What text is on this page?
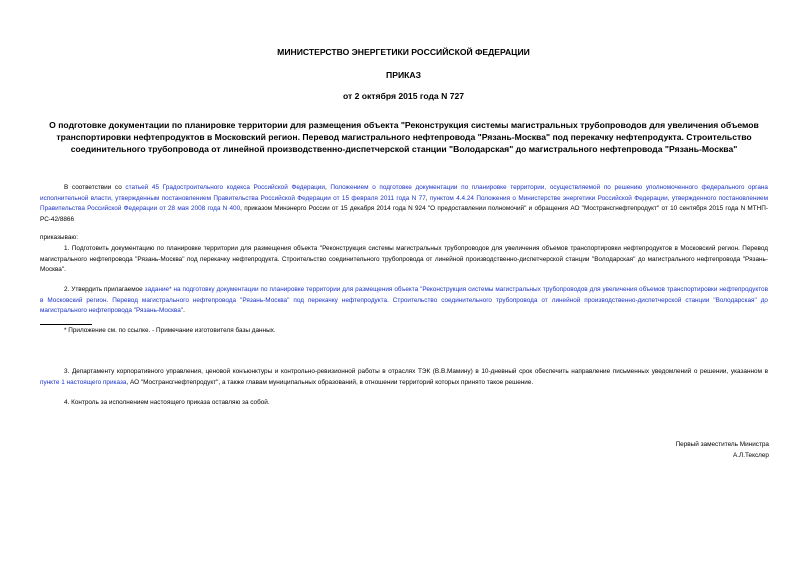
МИНИСТЕРСТВО ЭНЕРГЕТИКИ РОССИЙСКОЙ ФЕДЕРАЦИИ
ПРИКАЗ
от 2 октября 2015 года N 727
О подготовке документации по планировке территории для размещения объекта "Реконструкция системы магистральных трубопроводов для увеличения объемов транспортировки нефтепродуктов в Московский регион. Перевод магистрального нефтепровода "Рязань-Москва" под перекачку нефтепродукта. Строительство соединительного трубопровода от линейной производственно-диспетчерской станции "Володарская" до магистрального нефтепровода "Рязань-Москва"
В соответствии со статьей 45 Градостроительного кодекса Российской Федерации, Положением о подготовке документации по планировке территории, осуществляемой по решению уполномоченного федерального органа исполнительной власти, утвержденным постановлением Правительства Российской Федерации от 15 февраля 2011 года N 77, пунктом 4.4.24 Положения о Министерстве энергетики Российской Федерации, утвержденного постановлением Правительства Российской Федерации от 28 мая 2008 года N 400, приказом Минэнерго России от 15 декабря 2014 года N 924 "О предоставлении полномочий" и обращения АО "Мострансгнефтепродукт" от 10 сентября 2015 года N МТНП-РС-42/8866
приказываю:
1. Подготовить документацию по планировке территории для размещения объекта "Реконструкция системы магистральных трубопроводов для увеличения объемов транспортировки нефтепродуктов в Московский регион. Перевод магистрального нефтепровода "Рязань-Москва" под перекачку нефтепродукта. Строительство соединительного трубопровода от линейной производственно-диспетчерской станции "Володарская" до магистрального нефтепровода "Рязань-Москва".
2. Утвердить прилагаемое задание* на подготовку документации по планировке территории для размещения объекта "Реконструкция системы магистральных трубопроводов для увеличения объемов транспортировки нефтепродуктов в Московский регион. Перевод магистрального нефтепровода "Рязань-Москва" под перекачку нефтепродукта. Строительство соединительного трубопровода от линейной производственно-диспетчерской станции "Володарская" до магистрального нефтепровода "Рязань-Москва".
* Приложение см. по ссылке. - Примечание изготовителя базы данных.
3. Департаменту корпоративного управления, ценовой конъюнктуры и контрольно-ревизионной работы в отраслях ТЭК (В.В.Мамину) в 10-дневный срок обеспечить направление письменных уведомлений о решении, указанном в пункте 1 настоящего приказа, АО "Мострансгнефтепродукт", а также главам муниципальных образований, в отношении территорий которых принято такое решение.
4. Контроль за исполнением настоящего приказа оставляю за собой.
Первый заместитель Министра
А.Л.Текслер
